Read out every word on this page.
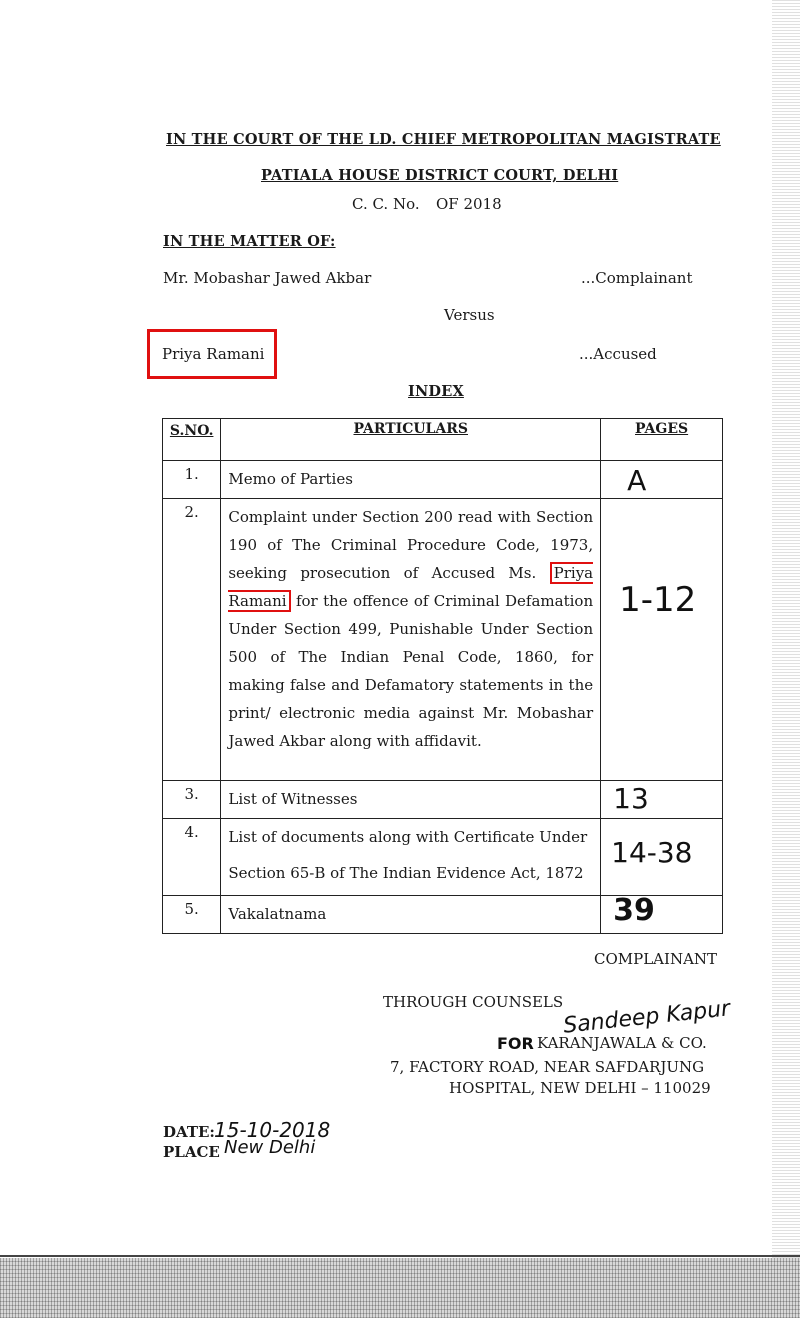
IN THE COURT OF THE LD. CHIEF METROPOLITAN MAGISTRATE
PATIALA HOUSE DISTRICT COURT, DELHI
C. C. No. OF 2018
IN THE MATTER OF:
Mr. Mobashar Jawed Akbar	...Complainant
Versus
Priya Ramani	...Accused
INDEX
S.NO.	PARTICULARS	PAGES
1.	Memo of Parties	A

2.	Complaint under Section 200 read with Section 190 of The Criminal Procedure Code, 1973, seeking prosecution of Accused Ms. Priya Ramani for the offence of Criminal Defamation Under Section 499, Punishable Under Section 500 of The Indian Penal Code, 1860, for making false and Defamatory statements in the print/ electronic media against Mr. Mobashar Jawed Akbar along with affidavit.	1-12

3.	List of Witnesses	13

4.	List of documents along with Certificate Under Section 65-B of The Indian Evidence Act, 1872	14-38

5.	Vakalatnama	39
COMPLAINANT
THROUGH COUNSELS
Sandeep Kapur
FOR KARANJAWALA & CO.
7, FACTORY ROAD, NEAR SAFDARJUNG
HOSPITAL, NEW DELHI – 110029
DATE: 15-10-2018
PLACE New Delhi
